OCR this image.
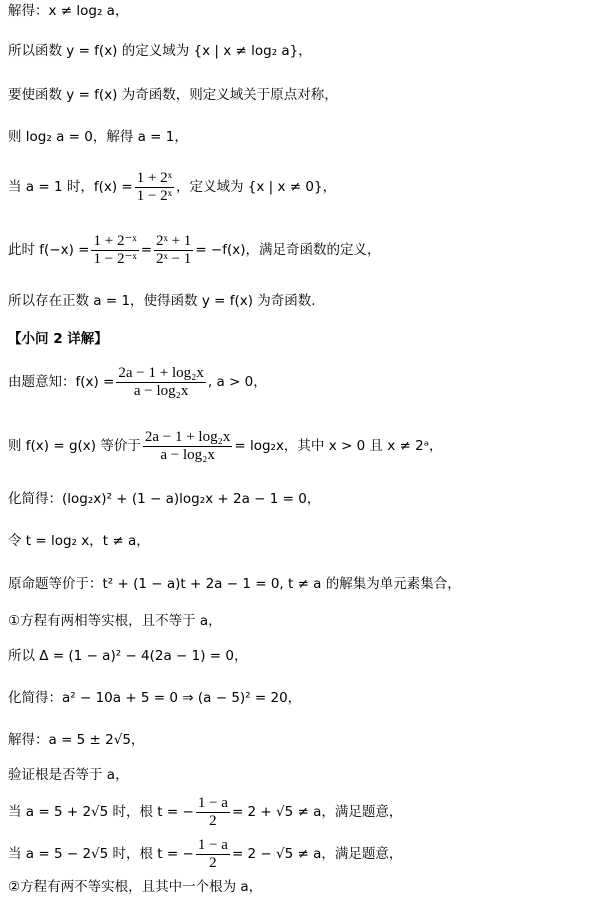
解得：x ≠ log₂ a，
所以函数 y = f(x) 的定义域为 {x | x ≠ log₂ a}，
要使函数 y = f(x) 为奇函数，则定义域关于原点对称，
则 log₂ a = 0，解得 a = 1，
当 a = 1 时，$f(x) = \frac{\text{1 + 2ˣ}}{\text{1 − 2ˣ}}$ ，定义域为 {x | x ≠ 0}，
此时 $f(-x) = \frac{\text{1 + 2⁻ˣ}}{\text{1 − 2⁻ˣ}} = \frac{\text{2ˣ + 1}}{\text{2ˣ − 1}} = -f(x)$，满足奇函数的定义，
所以存在正数 a = 1，使得函数 y = f(x) 为奇函数.
【小问 2 详解】
由题意知：$f(x) = \frac{\text{2a − 1 + log₂x}}{\text{a − log₂x}}$ , a > 0，
则 f(x) = g(x) 等价于 $\frac{\text{2a − 1 + log₂x}}{\text{a − log₂x}} = \log_2x$，其中 x > 0 且 x ≠ 2ᵃ，
化简得：(log₂x)² + (1 − a)log₂x + 2a − 1 = 0，
令 t = log₂ x，t ≠ a，
原命题等价于：t² + (1 − a)t + 2a − 1 = 0, t ≠ a 的解集为单元素集合，
①方程有两相等实根，且不等于 a，
所以 Δ = (1 − a)² − 4(2a − 1) = 0，
化简得：a² − 10a + 5 = 0 ⇒ (a − 5)² = 20，
解得：a = 5 ± 2√5，
验证根是否等于 a，
当 a = 5 + 2√5 时，根 t = − $\frac{1 - a}{2} = 2 + √5 \ne a$，满足题意，
当 a = 5 − 2√5 时，根 t = − $\frac{1 - a}{2} = 2 - √5 \ne a$，满足题意，
②方程有两不等实根，且其中一个根为 a，
